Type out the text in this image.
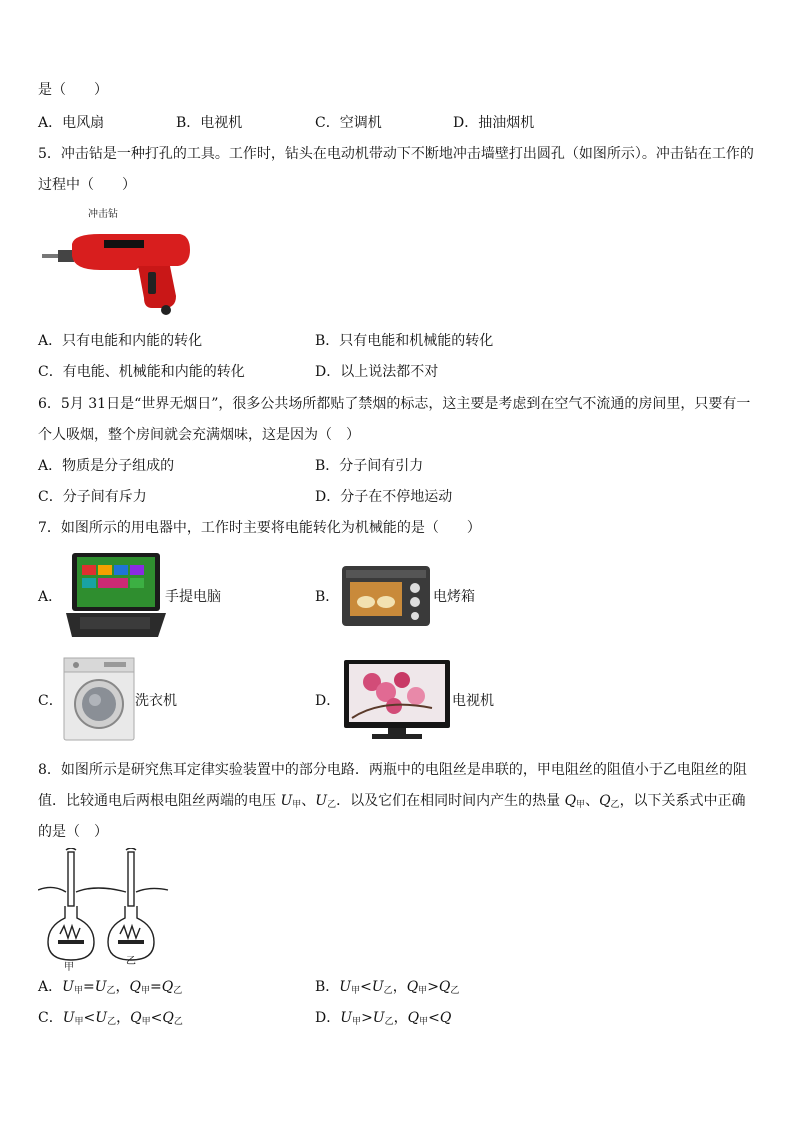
是（　　）
A．电风扇	B．电视机	C．空调机	D．抽油烟机
5．冲击钻是一种打孔的工具。工作时，钻头在电动机带动下不断地冲击墙壁打出圆孔（如图所示）。冲击钻在工作的
过程中（　　）
冲击钻
A．只有电能和内能的转化	B．只有电能和机械能的转化
C．有电能、机械能和内能的转化	D．以上说法都不对
6．5月 31日是“世界无烟日”，很多公共场所都贴了禁烟的标志，这主要是考虑到在空气不流通的房间里，只要有一
个人吸烟，整个房间就会充满烟味，这是因为（　）
A．物质是分子组成的	B．分子间有引力
C．分子间有斥力	D．分子在不停地运动
7．如图所示的用电器中，工作时主要将电能转化为机械能的是（　　）
A．	手提电脑	B．	电烤箱
C．	洗衣机	D．	电视机
8．如图所示是研究焦耳定律实验装置中的部分电路．两瓶中的电阻丝是串联的，甲电阻丝的阻值小于乙电阻丝的阻
值．比较通电后两根电阻丝两端的电压 $U_甲$、$U_乙$．以及它们在相同时间内产生的热量 $Q_甲$、$Q_乙$，以下关系式中正确
的是（　）
甲
乙
A．$U_甲=U_乙$，$Q_甲=Q_乙$	B．$U_甲<U_乙$，$Q_甲>Q_乙$
C．$U_甲<U_乙$，$Q_甲<Q_乙$	D．$U_甲>U_乙$，$Q_甲<Q$
